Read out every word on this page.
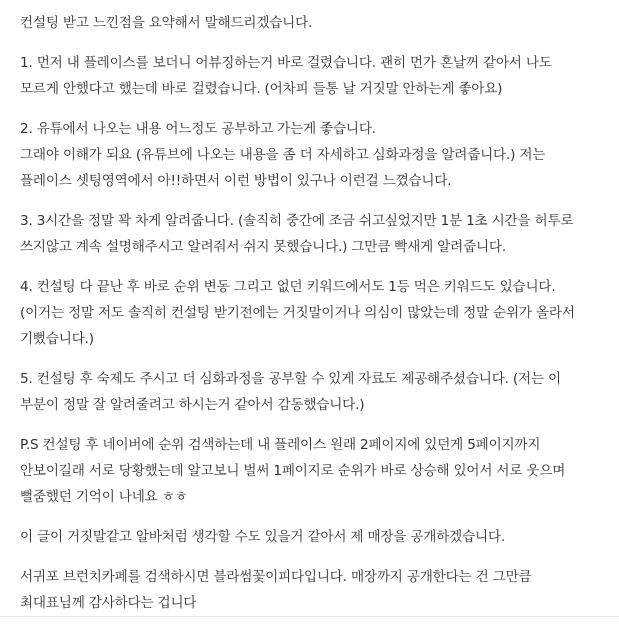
컨설팅 받고 느낀점을 요약해서 말해드리겠습니다.
1. 먼저 내 플레이스를 보더니 어뷰징하는거 바로 걸렸습니다. 괜히 먼가 혼날꺼 같아서 나도
모르게 안했다고 했는데 바로 걸렸습니다. (어차피 들통 날 거짓말 안하는게 좋아요)
2. 유튜에서 나오는 내용 어느정도 공부하고 가는게 좋습니다.
그래야 이해가 되요 (유튜브에 나오는 내용을 좀 더 자세하고 심화과정을 알려줍니다.) 저는
플레이스 셋팅영역에서 아!!하면서 이런 방법이 있구나 이런걸 느꼈습니다.
3. 3시간을 정말 꽉 차게 알려줍니다. (솔직히 중간에 조금 쉬고싶었지만 1분 1초 시간을 허투로
쓰지않고 계속 설명해주시고 알려줘서 쉬지 못했습니다.) 그만큼 빡새게 알려줍니다.
4. 컨설팅 다 끝난 후 바로 순위 변동 그리고 없던 키워드에서도 1등 먹은 키워드도 있습니다.
(이거는 정말 저도 솔직히 컨설팅 받기전에는 거짓말이거나 의심이 많았는데 정말 순위가 올라서
기뻤습니다.)
5. 컨설팅 후 숙제도 주시고 더 심화과정을 공부할 수 있게 자료도 제공해주셨습니다. (저는 이
부분이 정말 잘 알려줄려고 하시는거 같아서 감동했습니다.)
P.S 컨설팅 후 네이버에 순위 검색하는데 내 플레이스 원래 2페이지에 있던게 5페이지까지
안보이길래 서로 당황했는데 알고보니 벌써 1페이지로 순위가 바로 상승해 있어서 서로 웃으며
뻘줌했던 기억이 나네요 ㅎㅎ
이 글이 거짓말같고 알바처럼 생각할 수도 있을거 같아서 제 매장을 공개하겠습니다.
서귀포 브런치카페를 검색하시면 블라썸꽃이피다입니다. 매장까지 공개한다는 건 그만큼
최대표님께 감사하다는 겁니다
